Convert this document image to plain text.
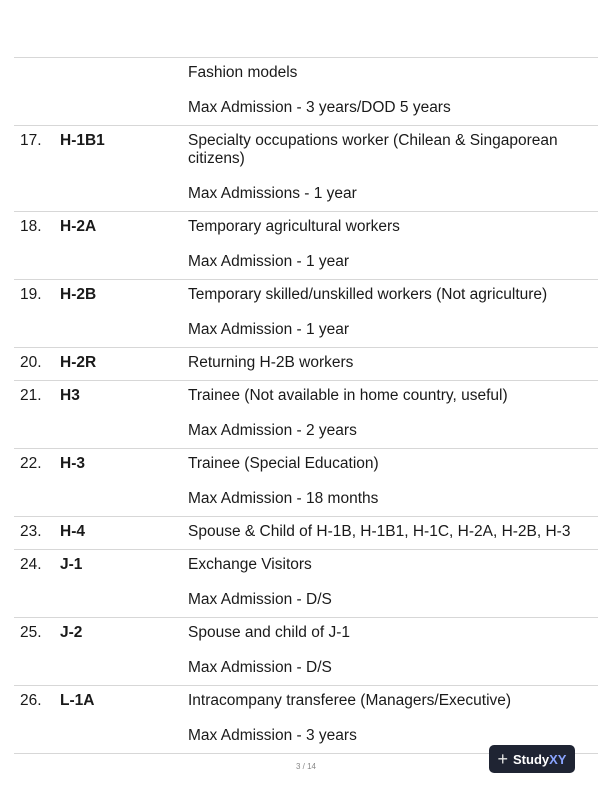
Fashion models

Max Admission - 3 years/DOD 5 years

17.	H-1B1	Specialty occupations worker (Chilean & Singaporean

citizens)

Max Admissions - 1 year

18.	H-2A	Temporary agricultural workers

Max Admission - 1 year

19.	H-2B	Temporary skilled/unskilled workers (Not agriculture)

Max Admission - 1 year

20.	H-2R	Returning H-2B workers

21.	H3	Trainee (Not available in home country, useful)

Max Admission - 2 years

22.	H-3	Trainee (Special Education)

Max Admission - 18 months

23.	H-4	Spouse & Child of H-1B, H-1B1, H-1C, H-2A, H-2B, H-3

24.	J-1	Exchange Visitors

Max Admission - D/S

25.	J-2	Spouse and child of J-1

Max Admission - D/S

26.	L-1A	Intracompany transferee (Managers/Executive)

Max Admission - 3 years

3 / 14	+ Study XY
